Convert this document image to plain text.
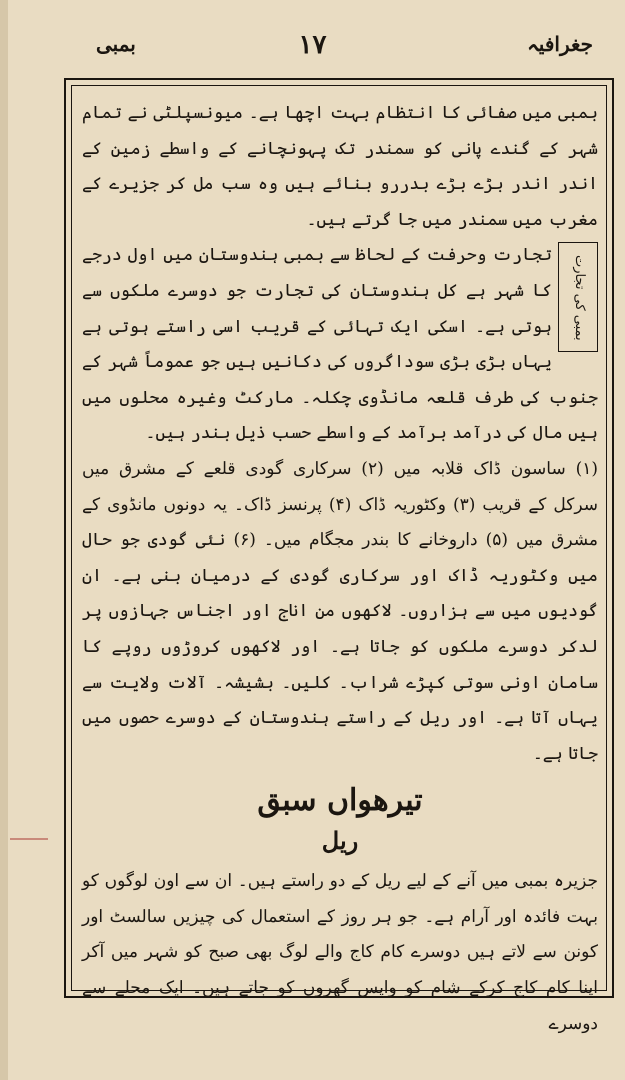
جغرافیہ
۱۷
بمبی

بمبی میں صفائی کا انتظام بہت اچھا ہے۔ میونسپلٹی نے تمام شہر کے گندے پانی کو سمندر تک پہونچانے کے واسطے زمین کے اندر اندر بڑے بڑے بدررو بنائے ہیں وہ سب مل کر جزیرے کے مغرب میں سمندر میں جا گرتے ہیں۔

بمبی کی تجارت

تجارت وحرفت کے لحاظ سے بمبی ہندوستان میں اول درجے کا شہر ہے کل ہندوستان کی تجارت جو دوسرے ملکوں سے ہوتی ہے۔ اسکی ایک تہائی کے قریب اسی راستے ہوتی ہے یہاں بڑی بڑی سوداگروں کی دکانیں ہیں جو عموماً شہر کے جنوب کی طرف قلعہ مانڈوی چکلہ۔ مارکٹ وغیرہ محلوں میں ہیں مال کی درآمد برآمد کے واسطے حسب ذیل بندر ہیں۔

(۱) ساسون ڈاک قلابہ میں (۲) سرکاری گودی قلعے کے مشرق میں سرکل کے قریب (۳) وکٹوریہ ڈاک (۴) پرنسز ڈاک۔ یہ دونوں مانڈوی کے مشرق میں (۵) داروخانے کا بندر مجگام میں۔ (۶) نئی گودی جو حال میں وکٹوریہ ڈاک اور سرکاری گودی کے درمیان بنی ہے۔ ان گودیوں میں سے ہزاروں۔ لاکھوں من اناج اور اجناس جہازوں پر لدکر دوسرے ملکوں کو جاتا ہے۔ اور لاکھوں کروڑوں روپے کا سامان اونی سوتی کپڑے شراب۔ کلیں۔ بشیشہ۔ آلات ولایت سے یہاں آتا ہے۔ اور ریل کے راستے ہندوستان کے دوسرے حصوں میں جاتا ہے۔

تیرھواں سبق
ریل

جزیرہ بمبی میں آنے کے لیے ریل کے دو راستے ہیں۔ ان سے اون لوگوں کو بہت فائدہ اور آرام ہے۔ جو ہر روز کے استعمال کی چیزیں سالسٹ اور کونن سے لاتے ہیں دوسرے کام کاج والے لوگ بھی صبح کو شہر میں آکر اپنا کام کاج کرکے شام کو واپس گھروں کو جاتے ہیں۔ ایک محلے سے دوسرے
